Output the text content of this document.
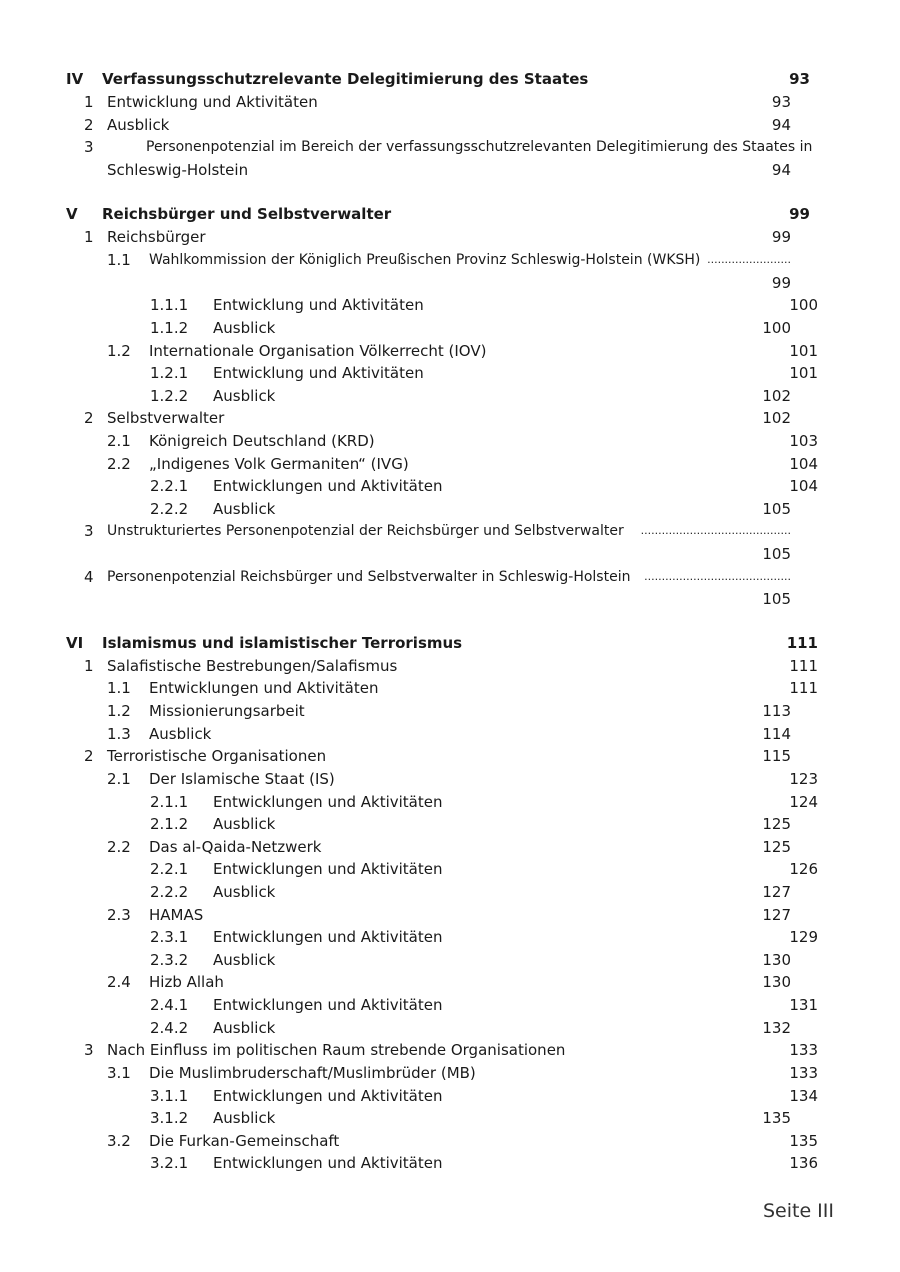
IV Verfassungsschutzrelevante Delegitimierung des Staates	93
1 Entwicklung und Aktivitäten	93
2 Ausblick	94
3	Personenpotenzial im Bereich der verfassungsschutzrelevanten Delegitimierung des Staates in
Schleswig-Holstein	94
V Reichsbürger und Selbstverwalter	99
1 Reichsbürger	99
1.1 Wahlkommission der Königlich Preußischen Provinz Schleswig-Holstein (WKSH) ........................
99
1.1.1 Entwicklung und Aktivitäten	100
1.1.2 Ausblick	100
1.2 Internationale Organisation Völkerrecht (IOV)	101
1.2.1 Entwicklung und Aktivitäten	101
1.2.2 Ausblick	102
2 Selbstverwalter	102
2.1 Königreich Deutschland (KRD)	103
2.2 „Indigenes Volk Germaniten“ (IVG)	104
2.2.1 Entwicklungen und Aktivitäten	104
2.2.2 Ausblick	105
3 Unstrukturiertes Personenpotenzial der Reichsbürger und Selbstverwalter ...........................................
105
4 Personenpotenzial Reichsbürger und Selbstverwalter in Schleswig-Holstein ..........................................
105
VI Islamismus und islamistischer Terrorismus	111
1 Salafistische Bestrebungen/Salafismus	111
1.1 Entwicklungen und Aktivitäten	111
1.2 Missionierungsarbeit	113
1.3 Ausblick	114
2 Terroristische Organisationen	115
2.1 Der Islamische Staat (IS)	123
2.1.1 Entwicklungen und Aktivitäten	124
2.1.2 Ausblick	125
2.2 Das al-Qaida-Netzwerk	125
2.2.1 Entwicklungen und Aktivitäten	126
2.2.2 Ausblick	127
2.3 HAMAS	127
2.3.1 Entwicklungen und Aktivitäten	129
2.3.2 Ausblick	130
2.4 Hizb Allah	130
2.4.1 Entwicklungen und Aktivitäten	131
2.4.2 Ausblick	132
3 Nach Einfluss im politischen Raum strebende Organisationen	133
3.1 Die Muslimbruderschaft/Muslimbrüder (MB)	133
3.1.1 Entwicklungen und Aktivitäten	134
3.1.2 Ausblick	135
3.2 Die Furkan-Gemeinschaft	135
3.2.1 Entwicklungen und Aktivitäten	136
Seite III
